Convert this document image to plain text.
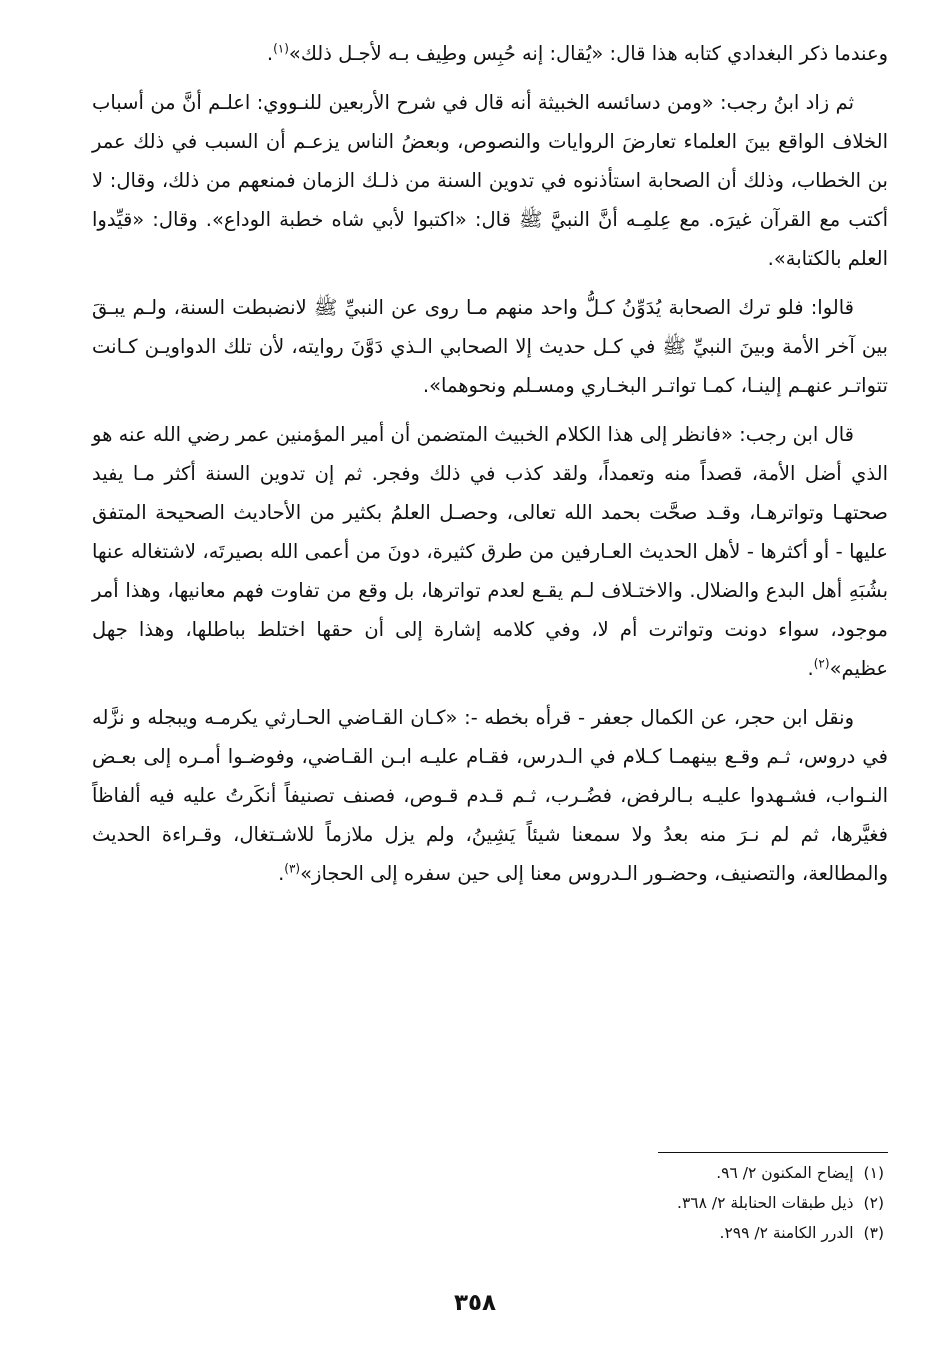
وعندما ذكر البغدادي كتابه هذا قال: «يُقال: إنه حُبِس وطِيف بـه لأجـل ذلك»$^{(١)}$.

ثم زاد ابنُ رجب: «ومن دسائسه الخبيثة أنه قال في شرح الأربعين للنـووي: اعلـم أنَّ من أسباب الخلاف الواقع بينَ العلماء تعارضَ الروايات والنصوص، وبعضُ الناس يزعـم أن السبب في ذلك عمر بن الخطاب، وذلك أن الصحابة استأذنوه في تدوين السنة من ذلـك الزمان فمنعهم من ذلك، وقال: لا أكتب مع القرآن غيرَه. مع عِلمِـه أنَّ النبيَّ ﷺ قال: «اكتبوا لأبي شاه خطبة الوداع». وقال: «قيِّدوا العلم بالكتابة».

قالوا: فلو ترك الصحابة يُدَوِّنُ كـلُّ واحد منهم مـا روى عن النبيِّ ﷺ لانضبطت السنة، ولـم يبـقَ بين آخر الأمة وبينَ النبيِّ ﷺ في كـل حديث إلا الصحابي الـذي دَوَّنَ روايته، لأن تلك الدواويـن كـانت تتواتـر عنهـم إلينـا، كمـا تواتـر البخـاري ومسـلم ونحوهما».

قال ابن رجب: «فانظر إلى هذا الكلام الخبيث المتضمن أن أمير المؤمنين عمر رضي الله عنه هو الذي أضل الأمة، قصداً منه وتعمداً، ولقد كذب في ذلك وفجر. ثم إن تدوين السنة أكثر مـا يفيد صحتهـا وتواترهـا، وقـد صحَّت بحمد الله تعالى، وحصـل العلمُ بكثير من الأحاديث الصحيحة المتفق عليها - أو أكثرها - لأهل الحديث العـارفين من طرق كثيرة، دونَ من أعمى الله بصيرتَه، لاشتغاله عنها بشُبَهِ أهل البدع والضلال. والاختـلاف لـم يقـع لعدم تواترها، بل وقع من تفاوت فهم معانيها، وهذا أمر موجود، سواء دونت وتواترت أم لا، وفي كلامه إشارة إلى أن حقها اختلط بباطلها، وهذا جهل عظيم»$^{(٢)}$.

ونقل ابن حجر، عن الكمال جعفر - قرأه بخطه -: «كـان القـاضي الحـارثي يكرمـه ويبجله و نزَّله في دروس، ثـم وقـع بينهمـا كـلام في الـدرس، فقـام عليـه ابـن القـاضي، وفوضـوا أمـره إلى بعـض النـواب، فشـهدوا عليـه بـالرفض، فضُـرب، ثـم قـدم قـوص، فصنف تصنيفاً أنكَرتُ عليه فيه ألفاظاً فغيَّرها، ثم لم نـرَ منه بعدُ ولا سمعنا شيئاً يَشِينُ، ولم يزل ملازماً للاشـتغال، وقـراءة الحديث والمطالعة، والتصنيف، وحضـور الـدروس معنا إلى حين سفره إلى الحجاز»$^{(٣)}$.

(١)إيضاح المكنون ٢/ ٩٦.
(٢)ذيل طبقات الحنابلة ٢/ ٣٦٨.
(٣)الدرر الكامنة ٢/ ٢٩٩.
٣٥٨
